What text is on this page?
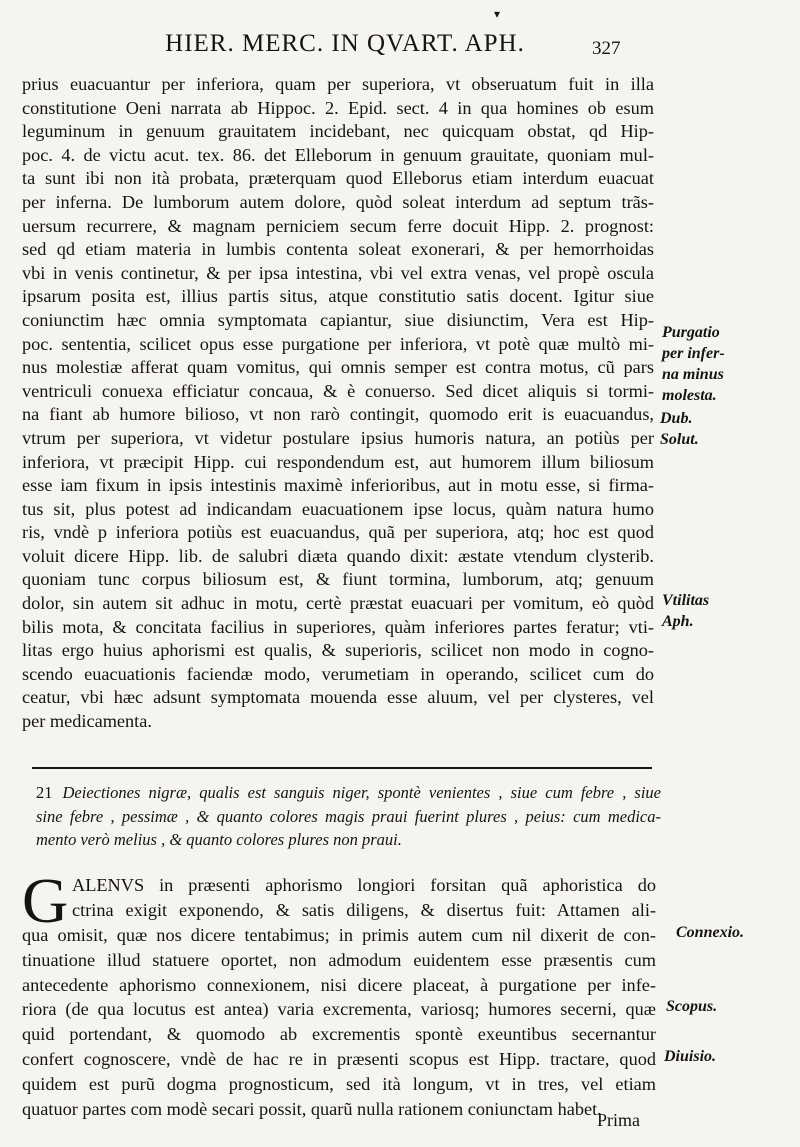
▾
HIER. MERC. IN QVART. APH.	327
prius euacuantur per inferiora, quam per superiora, vt obseruatum fuit in illa
constitutione Oeni narrata ab Hippoc. 2. Epid. sect. 4 in qua homines ob esum
leguminum in genuum grauitatem incidebant, nec quicquam obstat, qd Hip-
poc. 4. de victu acut. tex. 86. det Elleborum in genuum grauitate, quoniam mul-
ta sunt ibi non ità probata, præterquam quod Elleborus etiam interdum euacuat
per inferna. De lumborum autem dolore, quòd soleat interdum ad septum trãs-
uersum recurrere, & magnam perniciem secum ferre docuit Hipp. 2. prognost:
sed qd etiam materia in lumbis contenta soleat exonerari, & per hemorrhoidas
vbi in venis continetur, & per ipsa intestina, vbi vel extra venas, vel propè oscula
ipsarum posita est, illius partis situs, atque constitutio satis docent. Igitur siue
coniunctim hæc omnia symptomata capiantur, siue disiunctim, Vera est Hip-
poc. sententia, scilicet opus esse purgatione per inferiora, vt potè quæ multò mi-
nus molestiæ afferat quam vomitus, qui omnis semper est contra motus, cũ pars
ventriculi conuexa efficiatur concaua, & è conuerso. Sed dicet aliquis si tormi-
na fiant ab humore bilioso, vt non rarò contingit, quomodo erit is euacuandus,
vtrum per superiora, vt videtur postulare ipsius humoris natura, an potiùs per
inferiora, vt præcipit Hipp. cui respondendum est, aut humorem illum biliosum
esse iam fixum in ipsis intestinis maximè inferioribus, aut in motu esse, si firma-
tus sit, plus potest ad indicandam euacuationem ipse locus, quàm natura humo
ris, vndè p inferiora potiùs est euacuandus, quã per superiora, atq; hoc est quod
voluit dicere Hipp. lib. de salubri diæta quando dixit: æstate vtendum clysterib.
quoniam tunc corpus biliosum est, & fiunt tormina, lumborum, atq; genuum
dolor, sin autem sit adhuc in motu, certè præstat euacuari per vomitum, eò quòd
bilis mota, & concitata facilius in superiores, quàm inferiores partes feratur; vti-
litas ergo huius aphorismi est qualis, & superioris, scilicet non modo in cogno-
scendo euacuationis faciendæ modo, verumetiam in operando, scilicet cum do
ceatur, vbi hæc adsunt symptomata mouenda esse aluum, vel per clysteres, vel
per medicamenta.
21 Deiectiones nigræ, qualis est sanguis niger, spontè venientes , siue cum febre , siue
sine febre , pessimæ , & quanto colores magis praui fuerint plures , peius: cum medica-
mento verò melius , & quanto colores plures non praui.
G ALENVS in præsenti aphorismo longiori forsitan quã aphoristica do
ctrina exigit exponendo, & satis diligens, & disertus fuit: Attamen ali-
qua omisit, quæ nos dicere tentabimus; in primis autem cum nil dixerit de con-
tinuatione illud statuere oportet, non admodum euidentem esse præsentis cum
antecedente aphorismo connexionem, nisi dicere placeat, à purgatione per infe-
riora (de qua locutus est antea) varia excrementa, variosq; humores secerni, quæ
quid portendant, & quomodo ab excrementis spontè exeuntibus secernantur
confert cognoscere, vndè de hac re in præsenti scopus est Hipp. tractare, quod
quidem est purũ dogma prognosticum, sed ità longum, vt in tres, vel etiam
quatuor partes com modè secari possit, quarũ nulla rationem coniunctam habet.
Purgatio
per infer-
na minus
molesta.
Dub.
Solut.
Vtilitas
Aph.
Connexio.
Scopus.
Diuisio.
Prima
